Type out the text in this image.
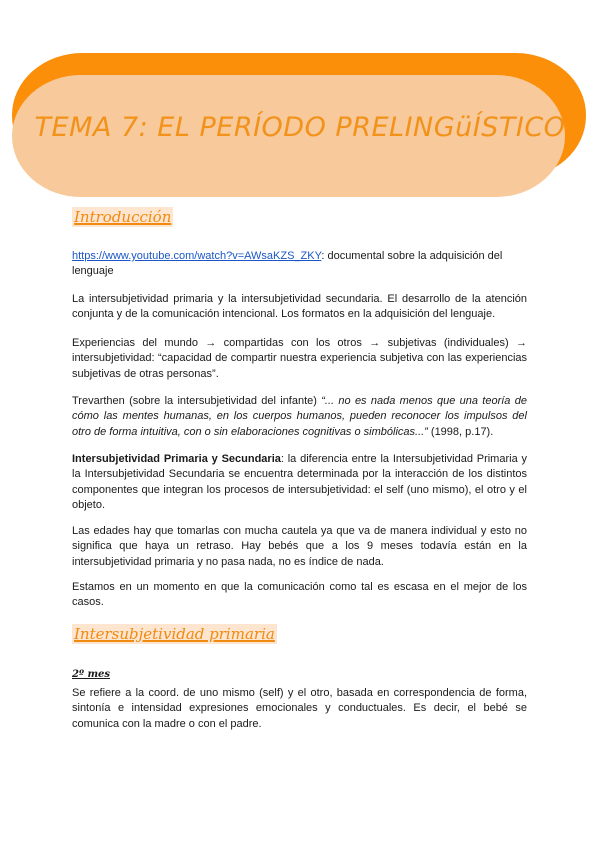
TEMA 7: EL PERÍODO PRELINGüÍSTICO
Introducción
https://www.youtube.com/watch?v=AWsaKZS_ZKY: documental sobre la adquisición del lenguaje
La intersubjetividad primaria y la intersubjetividad secundaria. El desarrollo de la atención conjunta y de la comunicación intencional. Los formatos en la adquisición del lenguaje.
Experiencias del mundo → compartidas con los otros → subjetivas (individuales) → intersubjetividad: “capacidad de compartir nuestra experiencia subjetiva con las experiencias subjetivas de otras personas”.
Trevarthen (sobre la intersubjetividad del infante) “... no es nada menos que una teoría de cómo las mentes humanas, en los cuerpos humanos, pueden reconocer los impulsos del otro de forma intuitiva, con o sin elaboraciones cognitivas o simbólicas...” (1998, p.17).
Intersubjetividad Primaria y Secundaria: la diferencia entre la Intersubjetividad Primaria y la Intersubjetividad Secundaria se encuentra determinada por la interacción de los distintos componentes que integran los procesos de intersubjetividad: el self (uno mismo), el otro y el objeto.
Las edades hay que tomarlas con mucha cautela ya que va de manera individual y esto no significa que haya un retraso. Hay bebés que a los 9 meses todavía están en la intersubjetividad primaria y no pasa nada, no es índice de nada.
Estamos en un momento en que la comunicación como tal es escasa en el mejor de los casos.
Intersubjetividad primaria
2º mes
Se refiere a la coord. de uno mismo (self) y el otro, basada en correspondencia de forma, sintonía e intensidad expresiones emocionales y conductuales. Es decir, el bebé se comunica con la madre o con el padre.
